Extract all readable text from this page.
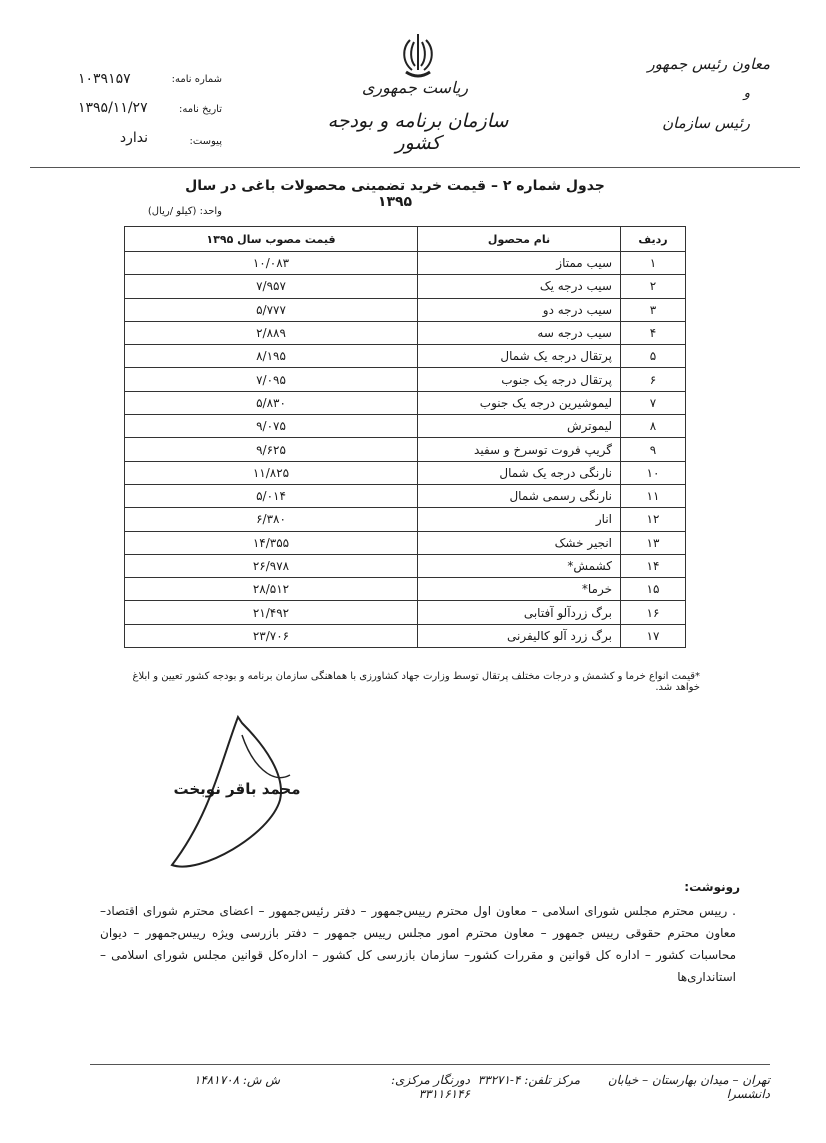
ریاست جمهوری
سازمان برنامه و بودجه کشور
معاون رئیس جمهور
و
رئیس سازمان
شماره نامه:
۱۰۳۹۱۵۷
تاریخ نامه:
۱۳۹۵/۱۱/۲۷
پیوست:
ندارد
جدول شماره ۲ – قیمت خرید تضمینی محصولات باغی در سال ۱۳۹۵
واحد: (کیلو /ریال)
ردیف	نام محصول	قیمت مصوب سال ۱۳۹۵
۱	سیب ممتاز	۱۰/۰۸۳
۲	سیب درجه یک	۷/۹۵۷
۳	سیب درجه دو	۵/۷۷۷
۴	سیب درجه سه	۲/۸۸۹
۵	پرتقال درجه یک شمال	۸/۱۹۵
۶	پرتقال درجه یک جنوب	۷/۰۹۵
۷	لیموشیرین درجه یک جنوب	۵/۸۳۰
۸	لیموترش	۹/۰۷۵
۹	گریپ فروت توسرخ و سفید	۹/۶۲۵
۱۰	نارنگی درجه یک شمال	۱۱/۸۲۵
۱۱	نارنگی رسمی شمال	۵/۰۱۴
۱۲	انار	۶/۳۸۰
۱۳	انجیر خشک	۱۴/۳۵۵
۱۴	کشمش*	۲۶/۹۷۸
۱۵	خرما*	۲۸/۵۱۲
۱۶	برگ زردآلو آفتابی	۲۱/۴۹۲
۱۷	برگ زرد آلو کالیفرنی	۲۳/۷۰۶
*قیمت انواع خرما و کشمش و درجات مختلف پرتقال توسط وزارت جهاد کشاورزی با هماهنگی سازمان برنامه و بودجه کشور تعیین و ابلاغ خواهد شد.
محمد باقر نوبخت
رونوشت:
. رییس محترم مجلس شورای اسلامی – معاون اول محترم رییس‌جمهور – دفتر رئیس‌جمهور – اعضای محترم شورای اقتصاد– معاون محترم حقوقی رییس جمهور – معاون محترم امور مجلس رییس جمهور – دفتر بازرسی ویژه رییس‌جمهور – دیوان محاسبات کشور – اداره کل قوانین و مقررات کشور– سازمان بازرسی کل کشور – اداره‌کل قوانین مجلس شورای اسلامی – استانداری‌ها
تهران – میدان بهارستان – خیابان دانشسرا
مرکز تلفن: ۴-۳۳۲۷۱
دورنگار مرکزی: ۳۳۱۱۶۱۴۶
ش ش: ۱۴۸۱۷۰۸
